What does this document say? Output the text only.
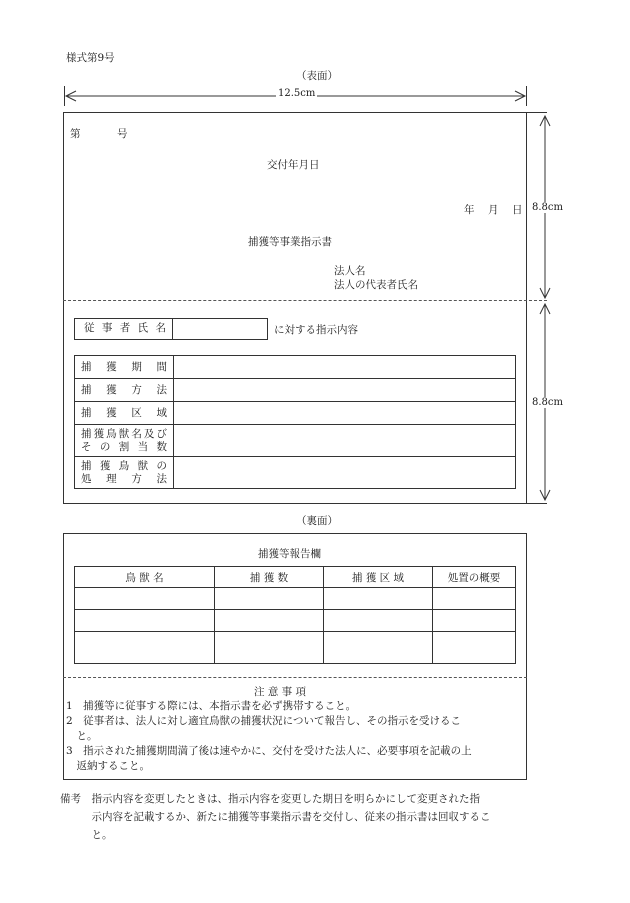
様式第9号
（表面）
12.5cm
8.8cm
8.8cm
第	号
交付年月日
年 月 日
捕獲等事業指示書
法人名
法人の代表者氏名
従 事 者 氏 名	に対する指示内容
捕 獲 期 間	

捕 獲 方 法	

捕 獲 区 域	

捕獲鳥獣名及び
そ の 割 当 数	

捕 獲 鳥 獣 の
処 理 方 法	

（裏面）
捕獲等報告欄
鳥 獣 名	捕 獲 数	捕 獲 区 域	処置の概要

注 意 事 項
1　捕獲等に従事する際には、本指示書を必ず携帯すること。
2　従事者は、法人に対し適宜鳥獣の捕獲状況について報告し、その指示を受けるこ
　と。
3　指示された捕獲期間満了後は速やかに、交付を受けた法人に、必要事項を記載の上
　返納すること。
備考　指示内容を変更したときは、指示内容を変更した期日を明らかにして変更された指
　　　示内容を記載するか、新たに捕獲等事業指示書を交付し、従来の指示書は回収するこ
　　　と。
